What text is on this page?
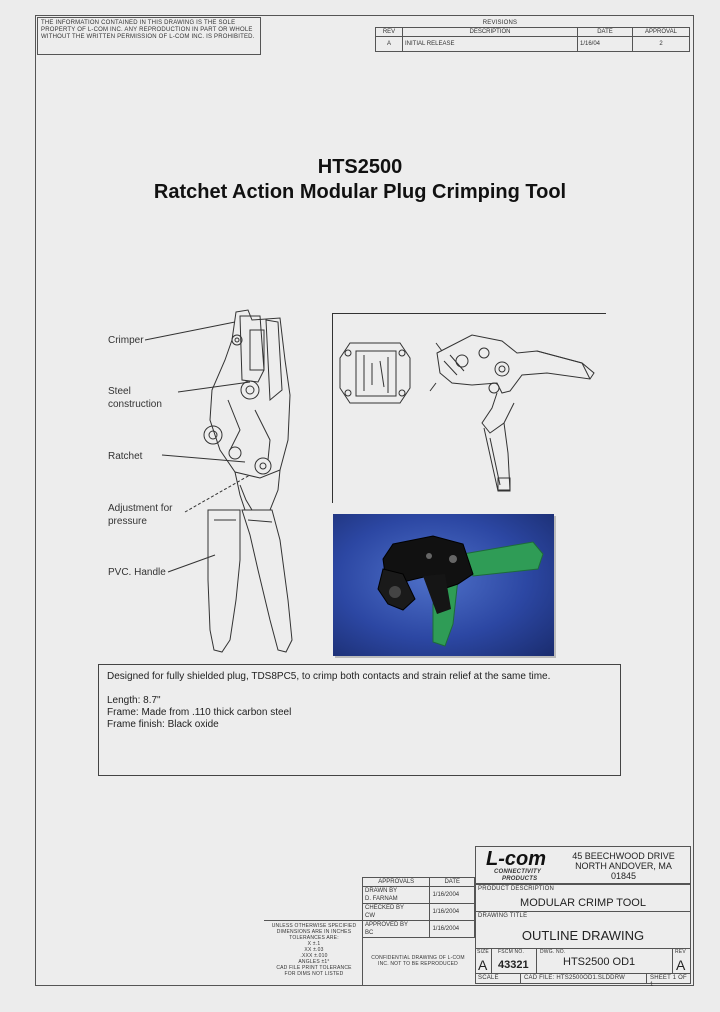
THE INFORMATION CONTAINED IN THIS DRAWING IS THE SOLE PROPERTY OF L-COM INC. ANY REPRODUCTION IN PART OR WHOLE WITHOUT THE WRITTEN PERMISSION OF L-COM INC. IS PROHIBITED.
REVISIONS
REV	DESCRIPTION	DATE	APPROVAL
A	INITIAL RELEASE	1/16/04	2
HTS2500
Ratchet Action Modular Plug Crimping Tool
Crimper
Steel construction
Ratchet
Adjustment for pressure
PVC. Handle
Designed for fully shielded plug, TDS8PC5, to crimp both contacts and strain relief at the same time.
Length: 8.7"
Frame: Made from .110 thick carbon steel
Frame finish: Black oxide
L-com
CONNECTIVITY
PRODUCTS
45 BEECHWOOD DRIVE
NORTH ANDOVER, MA
01845
APPROVALS	DATE

DRAWN BY
D. FARNAM	1/16/2004

CHECKED BY
CW	1/16/2004

APPROVED BY
BC	1/16/2004
UNLESS OTHERWISE SPECIFIED
DIMENSIONS ARE IN INCHES
TOLERANCES ARE:
X ±.1
XX ±.03
.XXX ±.010
ANGLES ±1°
CAD FILE PRINT TOLERANCE
FOR DIMS NOT LISTED
CONFIDENTIAL DRAWING OF L-COM INC. NOT TO BE REPRODUCED
PRODUCT DESCRIPTION
MODULAR CRIMP TOOL
DRAWING TITLE
OUTLINE DRAWING
SIZE
A
FSCM NO.
43321
DWG. NO.
HTS2500 OD1
REV
A
SCALE	CAD FILE: HTS2500OD1.SLDDRW	SHEET 1 OF 1
